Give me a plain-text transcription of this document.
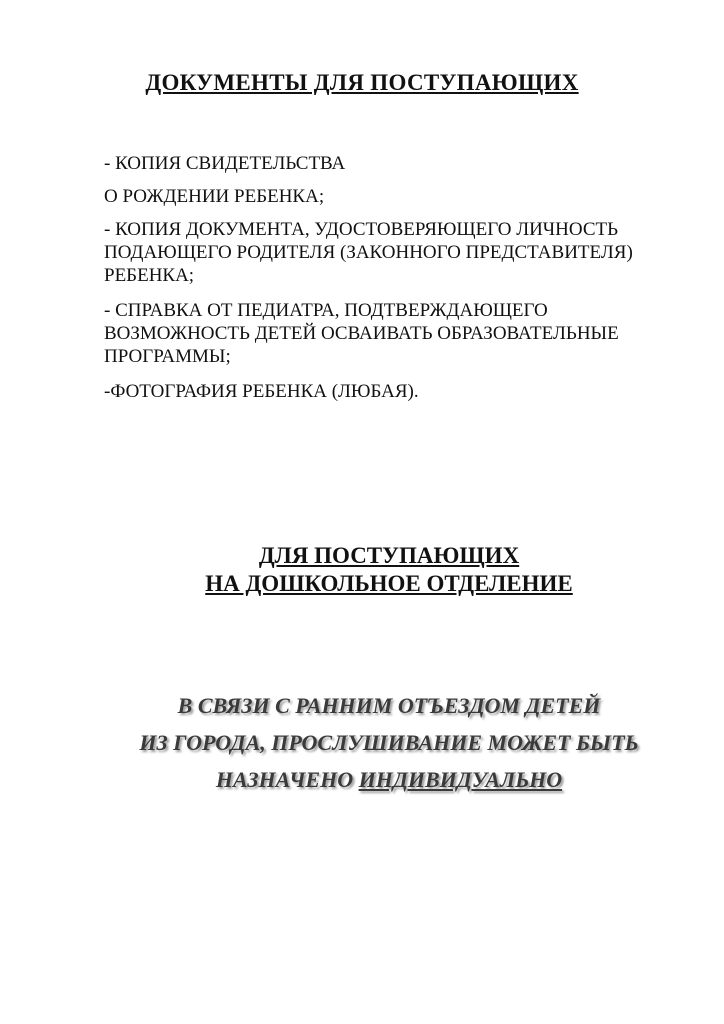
ДОКУМЕНТЫ ДЛЯ ПОСТУПАЮЩИХ
- КОПИЯ СВИДЕТЕЛЬСТВА
О РОЖДЕНИИ РЕБЕНКА;
- КОПИЯ ДОКУМЕНТА, УДОСТОВЕРЯЮЩЕГО ЛИЧНОСТЬ ПОДАЮЩЕГО РОДИТЕЛЯ (ЗАКОННОГО ПРЕДСТАВИТЕЛЯ) РЕБЕНКА;
- СПРАВКА ОТ ПЕДИАТРА, ПОДТВЕРЖДАЮЩЕГО ВОЗМОЖНОСТЬ ДЕТЕЙ ОСВАИВАТЬ ОБРАЗОВАТЕЛЬНЫЕ ПРОГРАММЫ;
-ФОТОГРАФИЯ РЕБЕНКА (ЛЮБАЯ).
ДЛЯ ПОСТУПАЮЩИХ
НА ДОШКОЛЬНОЕ ОТДЕЛЕНИЕ

В СВЯЗИ С РАННИМ ОТЪЕЗДОМ ДЕТЕЙ
ИЗ ГОРОДА, ПРОСЛУШИВАНИЕ МОЖЕТ БЫТЬ
НАЗНАЧЕНО ИНДИВИДУАЛЬНО
